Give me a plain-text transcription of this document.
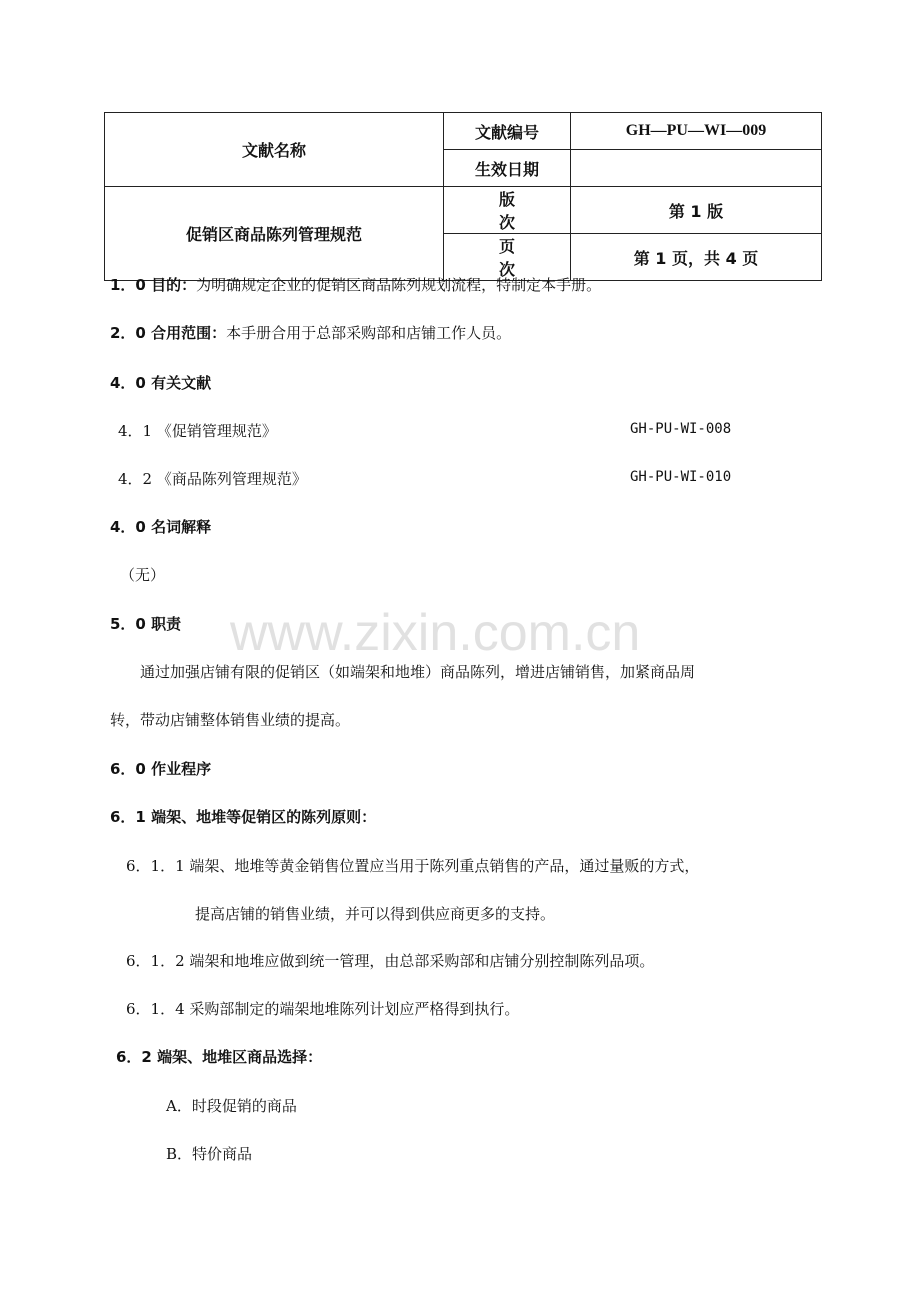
文献名称	文献编号	GH—PU—WI—009
	生效日期	
促销区商品陈列管理规范	版 次	第 1 版
	页 次	第 1 页，共 4 页
1．0 目的：为明确规定企业的促销区商品陈列规划流程，特制定本手册。
2．0 合用范围：本手册合用于总部采购部和店铺工作人员。
4．0 有关文献
4．1 《促销管理规范》	GH-PU-WI-008
4．2 《商品陈列管理规范》	GH-PU-WI-010
4．0 名词解释
（无）
5．0 职责
通过加强店铺有限的促销区（如端架和地堆）商品陈列，增进店铺销售，加紧商品周
转，带动店铺整体销售业绩的提高。
6．0 作业程序
6．1 端架、地堆等促销区的陈列原则：
6．1．1 端架、地堆等黄金销售位置应当用于陈列重点销售的产品，通过量贩的方式，
提高店铺的销售业绩，并可以得到供应商更多的支持。
6．1．2 端架和地堆应做到统一管理，由总部采购部和店铺分别控制陈列品项。
6．1．4 采购部制定的端架地堆陈列计划应严格得到执行。
6．2 端架、地堆区商品选择：
A．时段促销的商品
B．特价商品
www.zixin.com.cn
